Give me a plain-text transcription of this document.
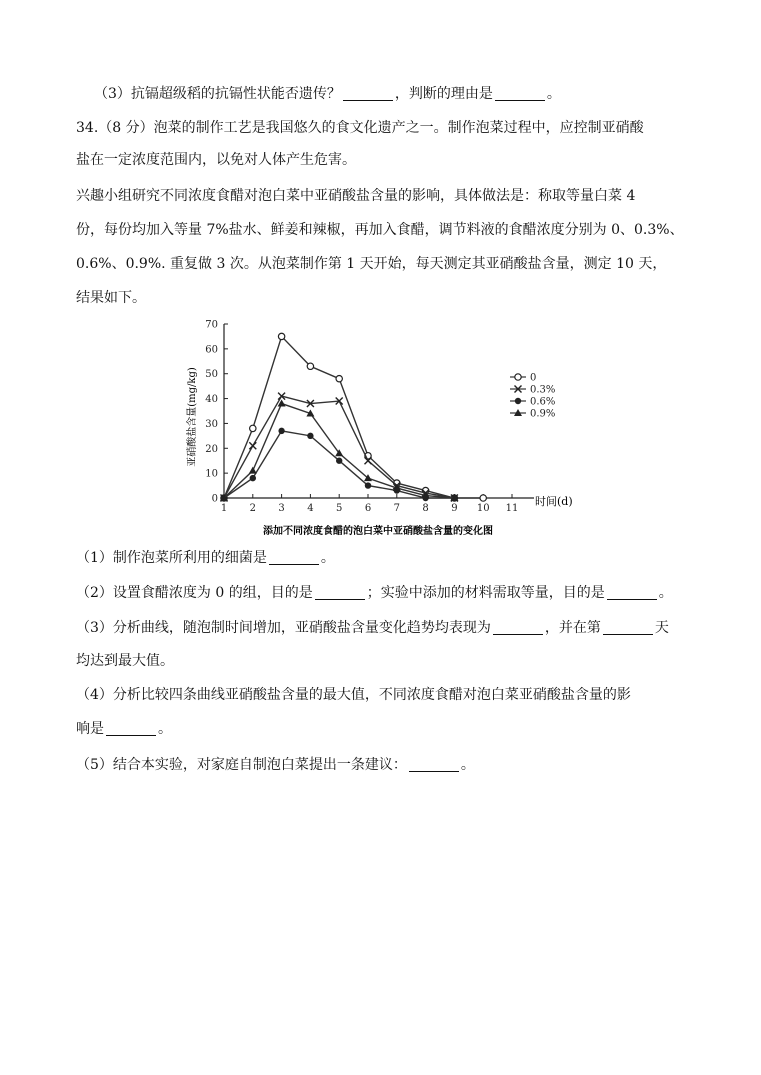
（3）抗镉超级稻的抗镉性状能否遗传？	，判断的理由是	。
34.（8 分）泡菜的制作工艺是我国悠久的食文化遗产之一。制作泡菜过程中，应控制亚硝酸
盐在一定浓度范围内，以免对人体产生危害。
兴趣小组研究不同浓度食醋对泡白菜中亚硝酸盐含量的影响，具体做法是：称取等量白菜 4
份，每份均加入等量 7%盐水、鲜姜和辣椒，再加入食醋，调节料液的食醋浓度分别为 0、0.3%、
0.6%、0.9%. 重复做 3 次。从泡菜制作第 1 天开始，每天测定其亚硝酸盐含量，测定 10 天，
结果如下。
0
10
20
30
40
50
60
70
1 2 3 4 5 6 7 8 9 10 11
0
0.3%
0.6%
0.9%
亚硝酸盐含量(mg/kg)
时间(d)
添加不同浓度食醋的泡白菜中亚硝酸盐含量的变化图
（1）制作泡菜所利用的细菌是	。
（2）设置食醋浓度为 0 的组，目的是	；实验中添加的材料需取等量，目的是	。
（3）分析曲线，随泡制时间增加，亚硝酸盐含量变化趋势均表现为	，并在第	天
均达到最大值。
（4）分析比较四条曲线亚硝酸盐含量的最大值，不同浓度食醋对泡白菜亚硝酸盐含量的影
响是	。
（5）结合本实验，对家庭自制泡白菜提出一条建议：	。
